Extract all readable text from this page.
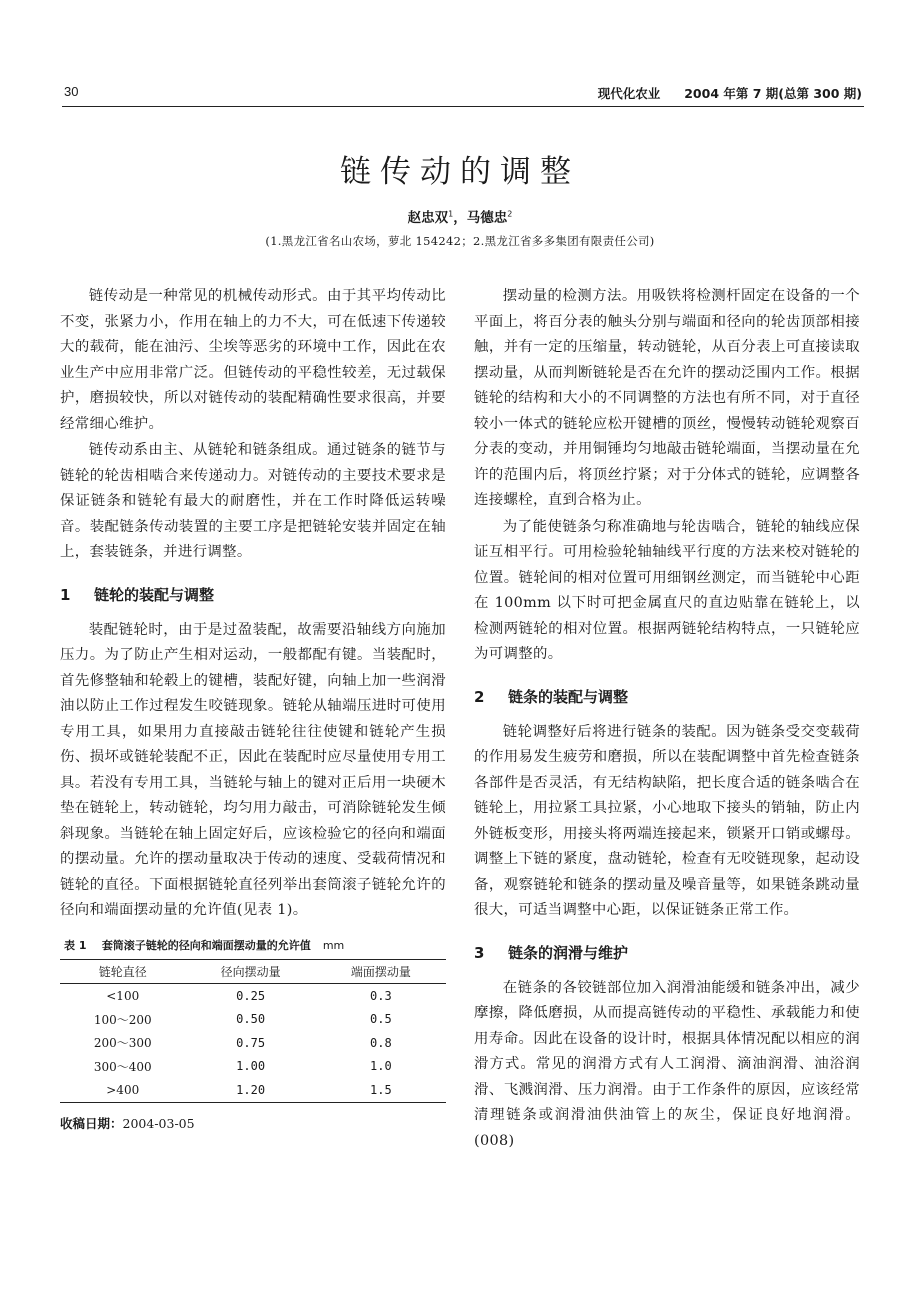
30	现代化农业 2004 年第 7 期(总第 300 期)
链传动的调整
赵忠双$^1$，马德忠$^2$
(1.黑龙江省名山农场，萝北 154242；2.黑龙江省多多集团有限责任公司)

链传动是一种常见的机械传动形式。由于其平均传动比不变，张紧力小，作用在轴上的力不大，可在低速下传递较大的载荷，能在油污、尘埃等恶劣的环境中工作，因此在农业生产中应用非常广泛。但链传动的平稳性较差，无过载保护，磨损较快，所以对链传动的装配精确性要求很高，并要经常细心维护。

链传动系由主、从链轮和链条组成。通过链条的链节与链轮的轮齿相啮合来传递动力。对链传动的主要技术要求是保证链条和链轮有最大的耐磨性，并在工作时降低运转噪音。装配链条传动装置的主要工序是把链轮安装并固定在轴上，套装链条，并进行调整。

1 链轮的装配与调整

装配链轮时，由于是过盈装配，故需要沿轴线方向施加压力。为了防止产生相对运动，一般都配有键。当装配时，首先修整轴和轮毂上的键槽，装配好键，向轴上加一些润滑油以防止工作过程发生咬链现象。链轮从轴端压进时可使用专用工具，如果用力直接敲击链轮往往使键和链轮产生损伤、损坏或链轮装配不正，因此在装配时应尽量使用专用工具。若没有专用工具，当链轮与轴上的键对正后用一块硬木垫在链轮上，转动链轮，均匀用力敲击，可消除链轮发生倾斜现象。当链轮在轴上固定好后，应该检验它的径向和端面的摆动量。允许的摆动量取决于传动的速度、受载荷情况和链轮的直径。下面根据链轮直径列举出套筒滚子链轮允许的径向和端面摆动量的允许值(见表 1)。

表 1 套筒滚子链轮的径向和端面摆动量的允许值 mm
链轮直径	径向摆动量	端面摆动量
<100	0.25	0.3
100～200	0.50	0.5
200～300	0.75	0.8
300～400	1.00	1.0
>400	1.20	1.5
收稿日期：2004-03-05

摆动量的检测方法。用吸铁将检测杆固定在设备的一个平面上，将百分表的触头分别与端面和径向的轮齿顶部相接触，并有一定的压缩量，转动链轮，从百分表上可直接读取摆动量，从而判断链轮是否在允许的摆动泛围内工作。根据链轮的结构和大小的不同调整的方法也有所不同，对于直径较小一体式的链轮应松开键槽的顶丝，慢慢转动链轮观察百分表的变动，并用铜锤均匀地敲击链轮端面，当摆动量在允许的范围内后，将顶丝拧紧；对于分体式的链轮，应调整各连接螺栓，直到合格为止。

为了能使链条匀称准确地与轮齿啮合，链轮的轴线应保证互相平行。可用检验轮轴轴线平行度的方法来校对链轮的位置。链轮间的相对位置可用细钢丝测定，而当链轮中心距在 100mm 以下时可把金属直尺的直边贴靠在链轮上，以检测两链轮的相对位置。根据两链轮结构特点，一只链轮应为可调整的。

2 链条的装配与调整

链轮调整好后将进行链条的装配。因为链条受交变载荷的作用易发生疲劳和磨损，所以在装配调整中首先检查链条各部件是否灵活，有无结构缺陷，把长度合适的链条啮合在链轮上，用拉紧工具拉紧，小心地取下接头的销轴，防止内外链板变形，用接头将两端连接起来，锁紧开口销或螺母。调整上下链的紧度，盘动链轮，检查有无咬链现象，起动设备，观察链轮和链条的摆动量及噪音量等，如果链条跳动量很大，可适当调整中心距，以保证链条正常工作。

3 链条的润滑与维护

在链条的各铰链部位加入润滑油能缓和链条冲出，减少摩擦，降低磨损，从而提高链传动的平稳性、承载能力和使用寿命。因此在设备的设计时，根据具体情况配以相应的润滑方式。常见的润滑方式有人工润滑、滴油润滑、油浴润滑、飞溅润滑、压力润滑。由于工作条件的原因，应该经常清理链条或润滑油供油管上的灰尘，保证良好地润滑。(008)
